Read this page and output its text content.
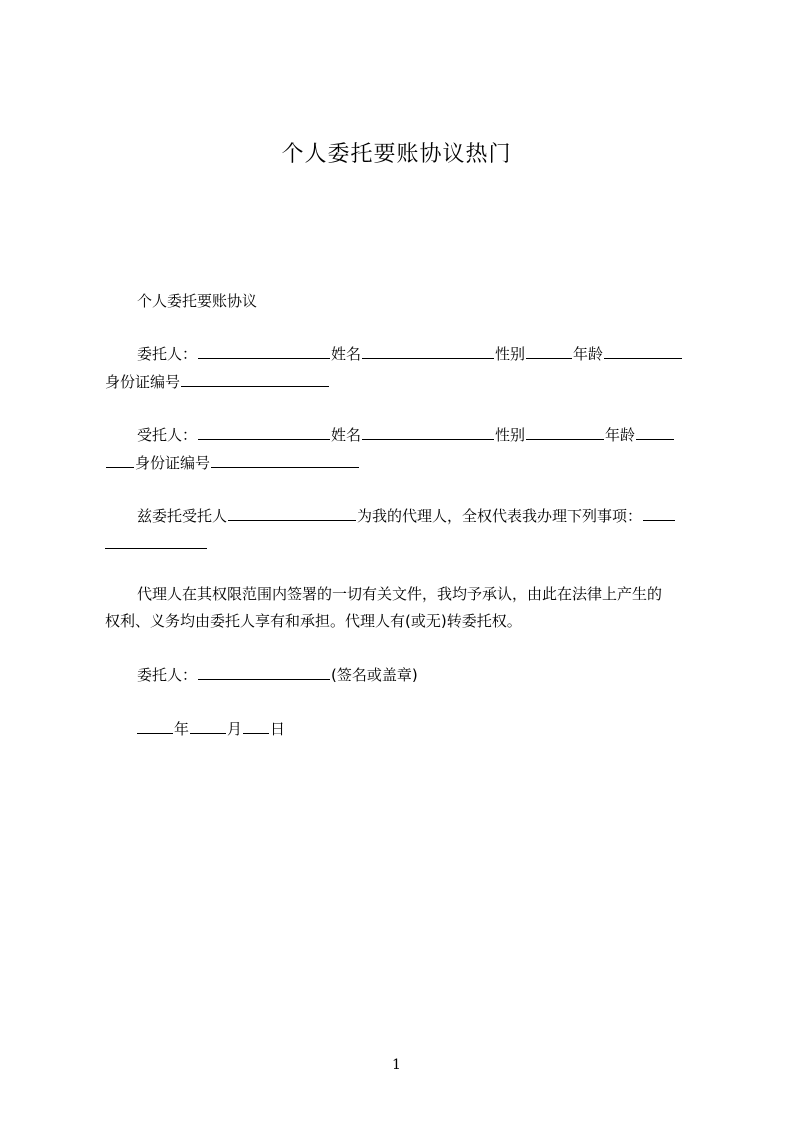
个人委托要账协议热门
个人委托要账协议
委托人：	姓名	性别	年龄
身份证编号
受托人：	姓名	性别	年龄
身份证编号
兹委托受托人	为我的代理人，全权代表我办理下列事项：
代理人在其权限范围内签署的一切有关文件，我均予承认，由此在法律上产生的
权利、义务均由委托人享有和承担。代理人有(或无)转委托权。
委托人：	(签名或盖章)
年	月 日
1
